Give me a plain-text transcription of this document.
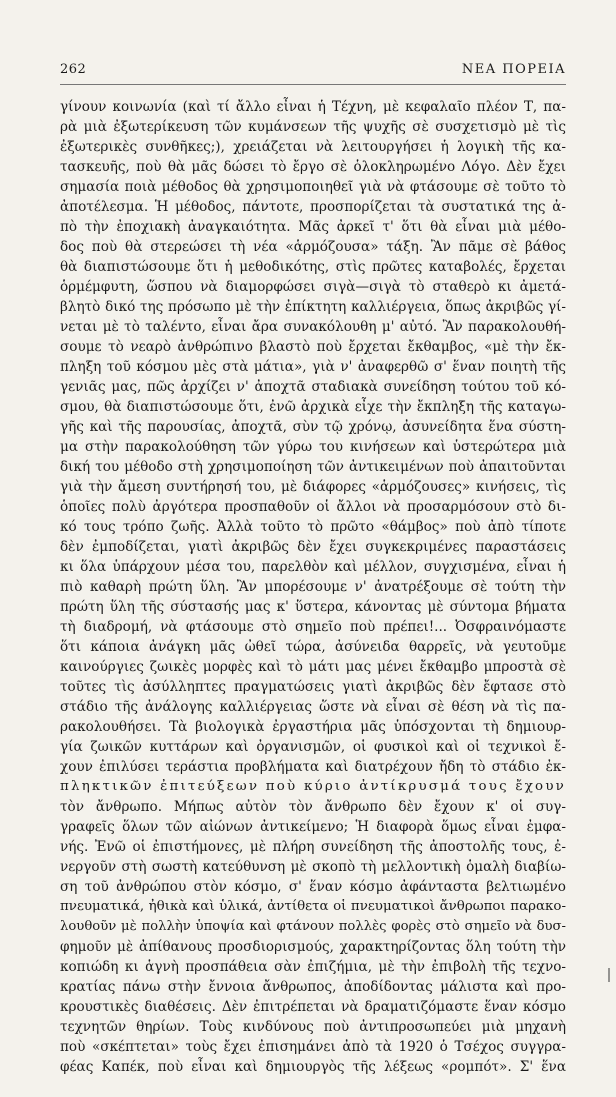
262	ΝΕΑ ΠΟΡΕΙΑ
γίνουν κοινωνία (καὶ τί ἄλλο εἶναι ἡ Τέχνη, μὲ κεφαλαῖο πλέον Τ, πα-
ρὰ μιὰ ἐξωτερίκευση τῶν κυμάνσεων τῆς ψυχῆς σὲ συσχετισμὸ μὲ τὶς
ἐξωτερικὲς συνθῆκες;), χρειάζεται νὰ λειτουργήσει ἡ λογικὴ τῆς κα-
τασκευῆς, ποὺ θὰ μᾶς δώσει τὸ ἔργο σὲ ὁλοκληρωμένο Λόγο. Δὲν ἔχει
σημασία ποιὰ μέθοδος θὰ χρησιμοποιηθεῖ γιὰ νὰ φτάσουμε σὲ τοῦτο τὸ
ἀποτέλεσμα. Ἡ μέθοδος, πάντοτε, προσπορίζεται τὰ συστατικά της ἀ-
πὸ τὴν ἐποχιακὴ ἀναγκαιότητα. Μᾶς ἀρκεῖ τ' ὅτι θὰ εἶναι μιὰ μέθο-
δος ποὺ θὰ στερεώσει τὴ νέα «ἁρμόζουσα» τάξη. Ἂν πᾶμε σὲ βάθος
θὰ διαπιστώσουμε ὅτι ἡ μεθοδικότης, στὶς πρῶτες καταβολές, ἔρχεται
ὁρμέμφυτη, ὥσπου νὰ διαμορφώσει σιγὰ—σιγὰ τὸ σταθερὸ κι ἀμετά-
βλητὸ δικό της πρόσωπο μὲ τὴν ἐπίκτητη καλλιέργεια, ὅπως ἀκριβῶς γί-
νεται μὲ τὸ ταλέντο, εἶναι ἄρα συνακόλουθη μ' αὐτό. Ἂν παρακολουθή-
σουμε τὸ νεαρὸ ἀνθρώπινο βλαστὸ ποὺ ἔρχεται ἔκθαμβος, «μὲ τὴν ἔκ-
πληξη τοῦ κόσμου μὲς στὰ μάτια», γιὰ ν' ἀναφερθῶ σ' ἕναν ποιητὴ τῆς
γενιᾶς μας, πῶς ἀρχίζει ν' ἀποχτᾶ σταδιακὰ συνείδηση τούτου τοῦ κό-
σμου, θὰ διαπιστώσουμε ὅτι, ἐνῶ ἀρχικὰ εἶχε τὴν ἔκπληξη τῆς καταγω-
γῆς καὶ τῆς παρουσίας, ἀποχτᾶ, σὺν τῷ χρόνῳ, ἀσυνείδητα ἕνα σύστη-
μα στὴν παρακολούθηση τῶν γύρω του κινήσεων καὶ ὑστερώτερα μιὰ
δική του μέθοδο στὴ χρησιμοποίηση τῶν ἀντικειμένων ποὺ ἀπαιτοῦνται
γιὰ τὴν ἄμεση συντήρησή του, μὲ διάφορες «ἁρμόζουσες» κινήσεις, τὶς
ὁποῖες πολὺ ἀργότερα προσπαθοῦν οἱ ἄλλοι νὰ προσαρμόσουν στὸ δι-
κό τους τρόπο ζωῆς. Ἀλλὰ τοῦτο τὸ πρῶτο «θάμβος» ποὺ ἀπὸ τίποτε
δὲν ἐμποδίζεται, γιατὶ ἀκριβῶς δὲν ἔχει συγκεκριμένες παραστάσεις
κι ὅλα ὑπάρχουν μέσα του, παρελθὸν καὶ μέλλον, συγχισμένα, εἶναι ἡ
πιὸ καθαρὴ πρώτη ὕλη. Ἂν μπορέσουμε ν' ἀνατρέξουμε σὲ τούτη τὴν
πρώτη ὕλη τῆς σύστασής μας κ' ὕστερα, κάνοντας μὲ σύντομα βήματα
τὴ διαδρομή, νὰ φτάσουμε στὸ σημεῖο ποὺ πρέπει!... Ὀσφραινόμαστε
ὅτι κάποια ἀνάγκη μᾶς ὠθεῖ τώρα, ἀσύνειδα θαρρεῖς, νὰ γευτοῦμε
καινούργιες ζωικὲς μορφὲς καὶ τὸ μάτι μας μένει ἔκθαμβο μπροστὰ σὲ
τοῦτες τὶς ἀσύλληπτες πραγματώσεις γιατὶ ἀκριβῶς δὲν ἔφτασε στὸ
στάδιο τῆς ἀνάλογης καλλιέργειας ὥστε νὰ εἶναι σὲ θέση νὰ τὶς πα-
ρακολουθήσει. Τὰ βιολογικὰ ἐργαστήρια μᾶς ὑπόσχονται τὴ δημιουρ-
γία ζωικῶν κυττάρων καὶ ὀργανισμῶν, οἱ φυσικοὶ καὶ οἱ τεχνικοὶ ἔ-
χουν ἐπιλύσει τεράστια προβλήματα καὶ διατρέχουν ἤδη τὸ στάδιο ἐκ-
πληκτικῶν ἐπιτεύξεων ποὺ κύριο ἀντίκρυσμά τους ἔχουν
τὸν ἄνθρωπο. Μήπως αὐτὸν τὸν ἄνθρωπο δὲν ἔχουν κ' οἱ συγ-
γραφεῖς ὅλων τῶν αἰώνων ἀντικείμενο; Ἡ διαφορὰ ὅμως εἶναι ἐμφα-
νής. Ἐνῶ οἱ ἐπιστήμονες, μὲ πλήρη συνείδηση τῆς ἀποστολῆς τους, ἐ-
νεργοῦν στὴ σωστὴ κατεύθυνση μὲ σκοπὸ τὴ μελλοντικὴ ὁμαλὴ διαβίω-
ση τοῦ ἀνθρώπου στὸν κόσμο, σ' ἕναν κόσμο ἀφάνταστα βελτιωμένο
πνευματικά, ἠθικὰ καὶ ὑλικά, ἀντίθετα οἱ πνευματικοὶ ἄνθρωποι παρακο-
λουθοῦν μὲ πολλὴν ὑποψία καὶ φτάνουν πολλὲς φορὲς στὸ σημεῖο νὰ δυσ-
φημοῦν μὲ ἀπίθανους προσδιορισμούς, χαρακτηρίζοντας ὅλη τούτη τὴν
κοπιώδη κι ἁγνὴ προσπάθεια σὰν ἐπιζήμια, μὲ τὴν ἐπιβολὴ τῆς τεχνο-
κρατίας πάνω στὴν ἔννοια ἄνθρωπος, ἀποδίδοντας μάλιστα καὶ προ-
κρουστικὲς διαθέσεις. Δὲν ἐπιτρέπεται νὰ δραματιζόμαστε ἕναν κόσμο
τεχνητῶν θηρίων. Τοὺς κινδύνους ποὺ ἀντιπροσωπεύει μιὰ μηχανὴ
ποὺ «σκέπτεται» τοὺς ἔχει ἐπισημάνει ἀπὸ τὰ 1920 ὁ Τσέχος συγγρα-
φέας Καπέκ, ποὺ εἶναι καὶ δημιουργὸς τῆς λέξεως «ρομπότ». Σ' ἕνα
